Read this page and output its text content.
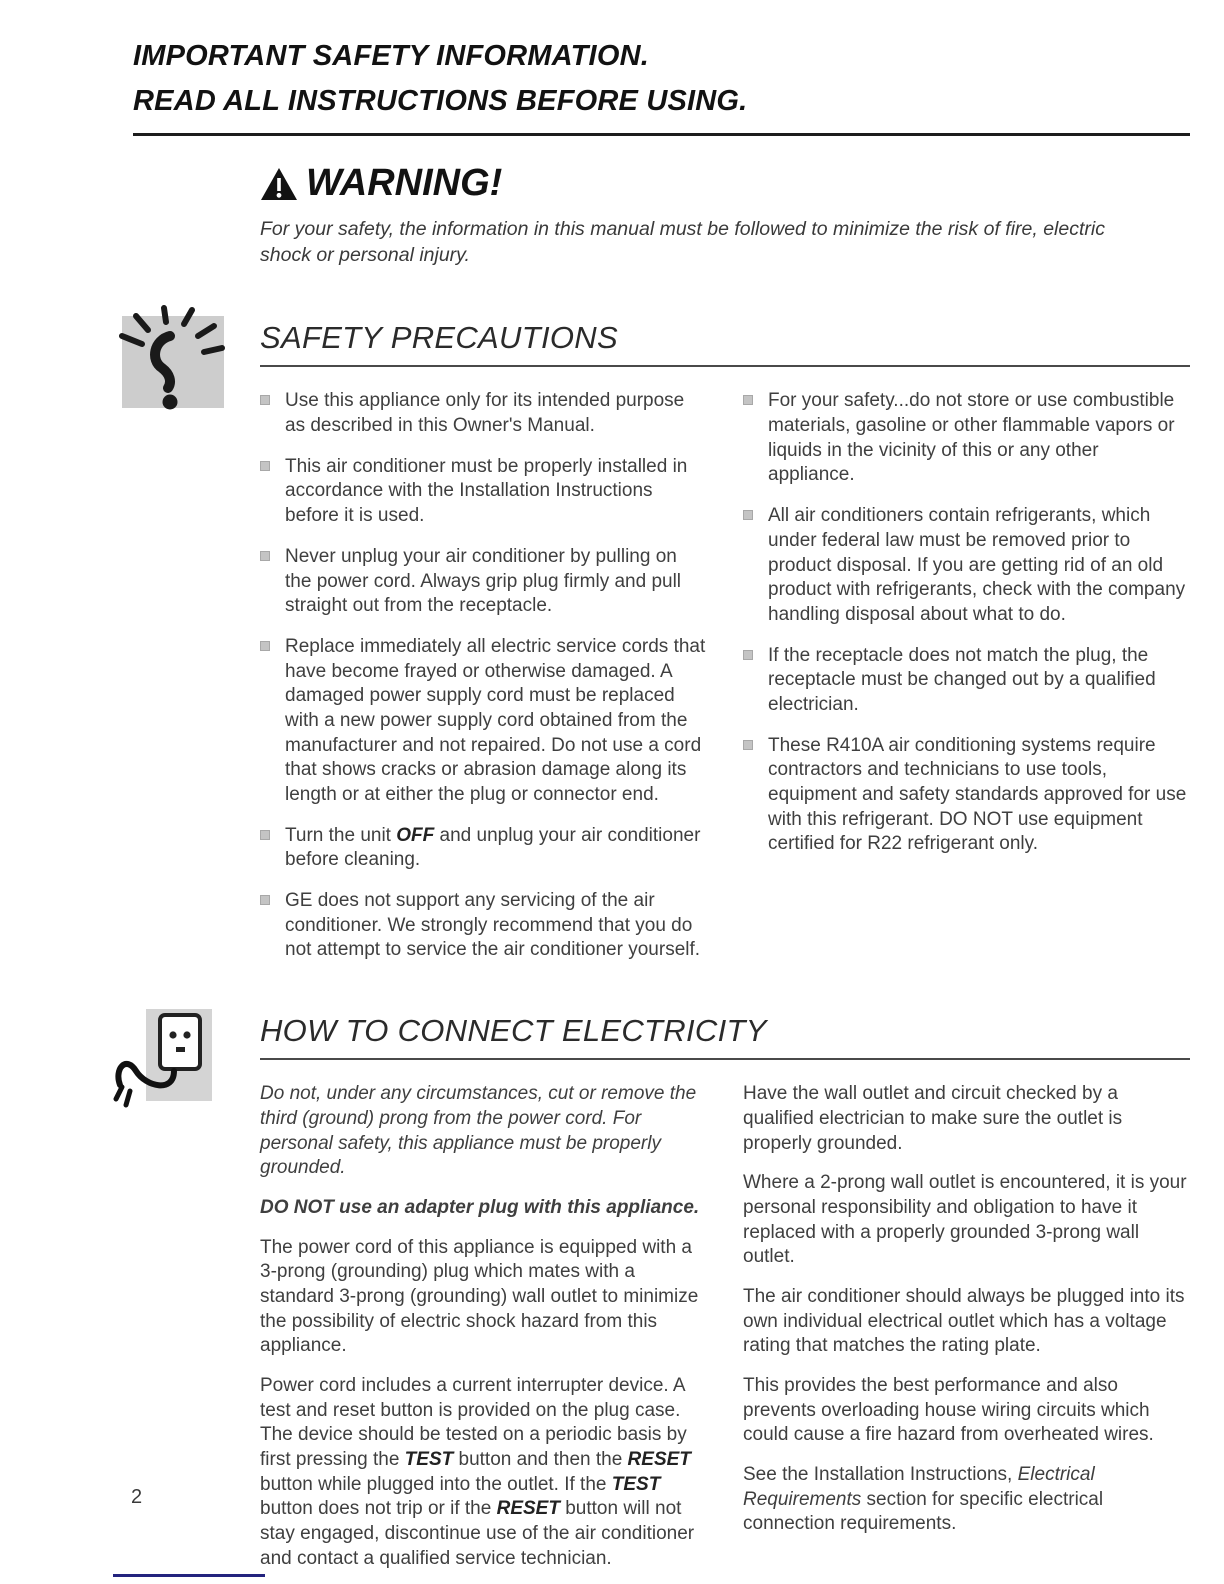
IMPORTANT SAFETY INFORMATION.
READ ALL INSTRUCTIONS BEFORE USING.
WARNING!

For your safety, the information in this manual must be followed to minimize the risk of fire, electric shock or personal injury.

SAFETY PRECAUTIONS
Use this appliance only for its intended purpose as described in this Owner's Manual.
This air conditioner must be properly installed in accordance with the Installation Instructions before it is used.
Never unplug your air conditioner by pulling on the power cord. Always grip plug firmly and pull straight out from the receptacle.
Replace immediately all electric service cords that have become frayed or otherwise damaged. A damaged power supply cord must be replaced with a new power supply cord obtained from the manufacturer and not repaired. Do not use a cord that shows cracks or abrasion damage along its length or at either the plug or connector end.
Turn the unit OFF and unplug your air conditioner before cleaning.
GE does not support any servicing of the air conditioner. We strongly recommend that you do not attempt to service the air conditioner yourself.
For your safety...do not store or use combustible materials, gasoline or other flammable vapors or liquids in the vicinity of this or any other appliance.
All air conditioners contain refrigerants, which under federal law must be removed prior to product disposal. If you are getting rid of an old product with refrigerants, check with the company handling disposal about what to do.
If the receptacle does not match the plug, the receptacle must be changed out by a qualified electrician.
These R410A air conditioning systems require contractors and technicians to use tools, equipment and safety standards approved for use with this refrigerant. DO NOT use equipment certified for R22 refrigerant only.
HOW TO CONNECT ELECTRICITY

Do not, under any circumstances, cut or remove the third (ground) prong from the power cord. For personal safety, this appliance must be properly grounded.

DO NOT use an adapter plug with this appliance.

The power cord of this appliance is equipped with a 3-prong (grounding) plug which mates with a standard 3-prong (grounding) wall outlet to minimize the possibility of electric shock hazard from this appliance.

Power cord includes a current interrupter device. A test and reset button is provided on the plug case. The device should be tested on a periodic basis by first pressing the TEST button and then the RESET button while plugged into the outlet. If the TEST button does not trip or if the RESET button will not stay engaged, discontinue use of the air conditioner and contact a qualified service technician.

Have the wall outlet and circuit checked by a qualified electrician to make sure the outlet is properly grounded.

Where a 2-prong wall outlet is encountered, it is your personal responsibility and obligation to have it replaced with a properly grounded 3-prong wall outlet.

The air conditioner should always be plugged into its own individual electrical outlet which has a voltage rating that matches the rating plate.

This provides the best performance and also prevents overloading house wiring circuits which could cause a fire hazard from overheated wires.

See the Installation Instructions, Electrical Requirements section for specific electrical connection requirements.

2
